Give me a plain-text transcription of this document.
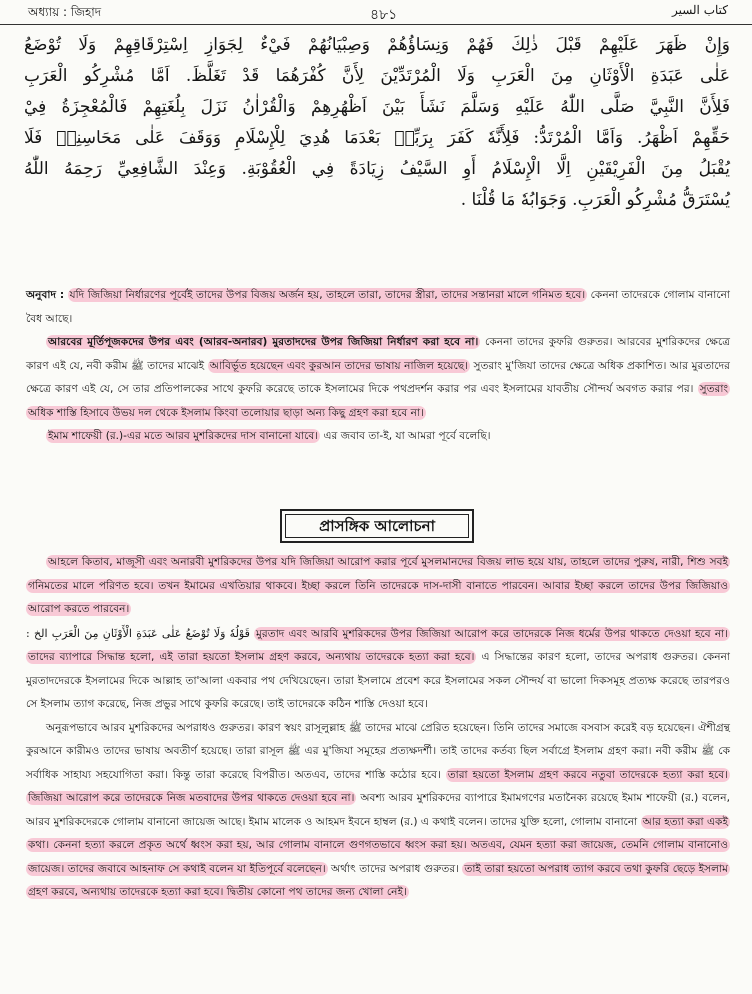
অধ্যায় : জিহাদ	৪৮১	كتاب السير

وَإِنْ ظَهَرَ عَلَيْهِمْ قَبْلَ ذٰلِكَ فَهُمْ وَنِسَاؤُهُمْ وَصِبْيَانُهُمْ فَيْءٌ لِجَوَازِ اِسْتِرْقَاقِهِمْ وَلَا تُوْضَعُ

عَلٰى عَبَدَةِ الْأَوْثَانِ مِنَ الْعَرَبِ وَلَا الْمُرْتَدِّيْنَ لِأَنَّ كُفْرَهُمَا قَدْ تَغَلَّظَ. اَمَّا مُشْرِكُو الْعَرَبِ

فَلِأَنَّ النَّبِيَّ صَلَّى اللّٰهُ عَلَيْهِ وَسَلَّمَ نَشَأَ بَيْنَ اَظْهُرِهِمْ وَالْقُرْاٰنُ نَزَلَ بِلُغَتِهِمْ فَالْمُعْجِزَةُ فِيْ

حَقِّهِمْ اَظْهَرُ. وَاَمَّا الْمُرْتَدُّ: فَلِأَنَّهٗ كَفَرَ بِرَبِّهٖ بَعْدَمَا هُدِيَ لِلْإِسْلَامِ وَوَقَفَ عَلٰى مَحَاسِنِهٖ فَلَا

يُقْبَلُ مِنَ الْفَرِيْقَيْنِ اِلَّا الْإِسْلَامُ أَوِ السَّيْفُ زِيَادَةً فِي الْعُقُوْبَةِ. وَعِنْدَ الشَّافِعِيِّ رَحِمَهُ اللّٰهُ

يُسْتَرَقُّ مُشْرِكُو الْعَرَبِ. وَجَوَابُهٗ مَا قُلْنَا .

অনুবাদ : যদি জিজিয়া নির্ধারণের পূর্বেই তাদের উপর বিজয় অর্জন হয়, তাহলে তারা, তাদের স্ত্রীরা, তাদের সন্তানরা মালে গনিমত হবে। কেননা তাদেরকে গোলাম বানানো বৈধ আছে।

আরবের মূর্তিপূজকদের উপর এবং (আরব-অনারব) মুরতাদদের উপর জিজিয়া নির্ধারণ করা হবে না। কেননা তাদের কুফরি গুরুতর। আরবের মুশরিকদের ক্ষেত্রে কারণ এই যে, নবী করীম ﷺ তাদের মাঝেই আবির্ভূত হয়েছেন এবং কুরআন তাদের ভাষায় নাজিল হয়েছে। সুতরাং মু'জিযা তাদের ক্ষেত্রে অধিক প্রকাশিত। আর মুরতাদের ক্ষেত্রে কারণ এই যে, সে তার প্রতিপালকের সাথে কুফরি করেছে তাকে ইসলামের দিকে পথপ্রদর্শন করার পর এবং ইসলামের যাবতীয় সৌন্দর্য অবগত করার পর। সুতরাং অধিক শাস্তি হিসাবে উভয় দল থেকে ইসলাম কিংবা তলোয়ার ছাড়া অন্য কিছু গ্রহণ করা হবে না।

ইমাম শাফেয়ী (র.)-এর মতে আরব মুশরিকদের দাস বানানো যাবে। এর জবাব তা-ই, যা আমরা পূর্বে বলেছি।

প্রাসঙ্গিক আলোচনা

আহলে কিতাব, মাজূসী এবং অনারবী মুশরিকদের উপর যদি জিজিয়া আরোপ করার পূর্বে মুসলমানদের বিজয় লাভ হয়ে যায়, তাহলে তাদের পুরুষ, নারী, শিশু সবই গনিমতের মালে পরিণত হবে। তখন ইমামের এখতিয়ার থাকবে। ইচ্ছা করলে তিনি তাদেরকে দাস-দাসী বানাতে পারবেন। আবার ইচ্ছা করলে তাদের উপর জিজিয়াও আরোপ করতে পারবেন।

قَوْلُهٗ وَلَا تُوْضَعُ عَلٰى عَبَدَةِ الْأَوْثَانِ مِنَ الْعَرَبِ الخ : মুরতাদ এবং আরবি মুশরিকদের উপর জিজিয়া আরোপ করে তাদেরকে নিজ ধর্মের উপর থাকতে দেওয়া হবে না। তাদের ব্যাপারে সিদ্ধান্ত হলো, এই তারা হয়তো ইসলাম গ্রহণ করবে, অন্যথায় তাদেরকে হত্যা করা হবে। এ সিদ্ধান্তের কারণ হলো, তাদের অপরাধ গুরুতর। কেননা মুরতাদদেরকে ইসলামের দিকে আল্লাহ তা'আলা একবার পথ দেখিয়েছেন। তারা ইসলামে প্রবেশ করে ইসলামের সকল সৌন্দর্য বা ভালো দিকসমূহ প্রত্যক্ষ করেছে তারপরও সে ইসলাম ত্যাগ করেছে, নিজ প্রভুর সাথে কুফরি করেছে। তাই তাদেরকে কঠিন শাস্তি দেওয়া হবে।

অনুরূপভাবে আরব মুশরিকদের অপরাধও গুরুতর। কারণ স্বয়ং রাসূলুল্লাহ ﷺ তাদের মাঝে প্রেরিত হয়েছেন। তিনি তাদের সমাজে বসবাস করেই বড় হয়েছেন। ঐশীগ্রন্থ কুরআনে কারীমও তাদের ভাষায় অবতীর্ণ হয়েছে। তারা রাসূল ﷺ এর মু'জিযা সমূহের প্রত্যক্ষদর্শী। তাই তাদের কর্তব্য ছিল সর্বাগ্রে ইসলাম গ্রহণ করা। নবী করীম ﷺ কে সর্বাধিক সাহায্য সহযোগিতা করা। কিন্তু তারা করেছে বিপরীত। অতএব, তাদের শাস্তি কঠোর হবে। তারা হয়তো ইসলাম গ্রহণ করবে নতুবা তাদেরকে হত্যা করা হবে। জিজিয়া আরোপ করে তাদেরকে নিজ মতবাদের উপর থাকতে দেওয়া হবে না। অবশ্য আরব মুশরিকদের ব্যাপারে ইমামগণের মতানৈক্য রয়েছে ইমাম শাফেয়ী (র.) বলেন, আরব মুশরিকদেরকে গোলাম বানানো জায়েজ আছে। ইমাম মালেক ও আহমদ ইবনে হাম্বল (র.) এ কথাই বলেন। তাদের যুক্তি হলো, গোলাম বানানো আর হত্যা করা একই কথা। কেননা হত্যা করলে প্রকৃত অর্থে ধ্বংস করা হয়, আর গোলাম বানালে গুণগতভাবে ধ্বংস করা হয়। অতএব, যেমন হত্যা করা জায়েজ, তেমনি গোলাম বানানোও জায়েজ। তাদের জবাবে আহনাফ সে কথাই বলেন যা ইতিপূর্বে বলেছেন। অর্থাৎ তাদের অপরাধ গুরুতর। তাই তারা হয়তো অপরাধ ত্যাগ করবে তথা কুফরি ছেড়ে ইসলাম গ্রহণ করবে, অন্যথায় তাদেরকে হত্যা করা হবে। দ্বিতীয় কোনো পথ তাদের জন্য খোলা নেই।
